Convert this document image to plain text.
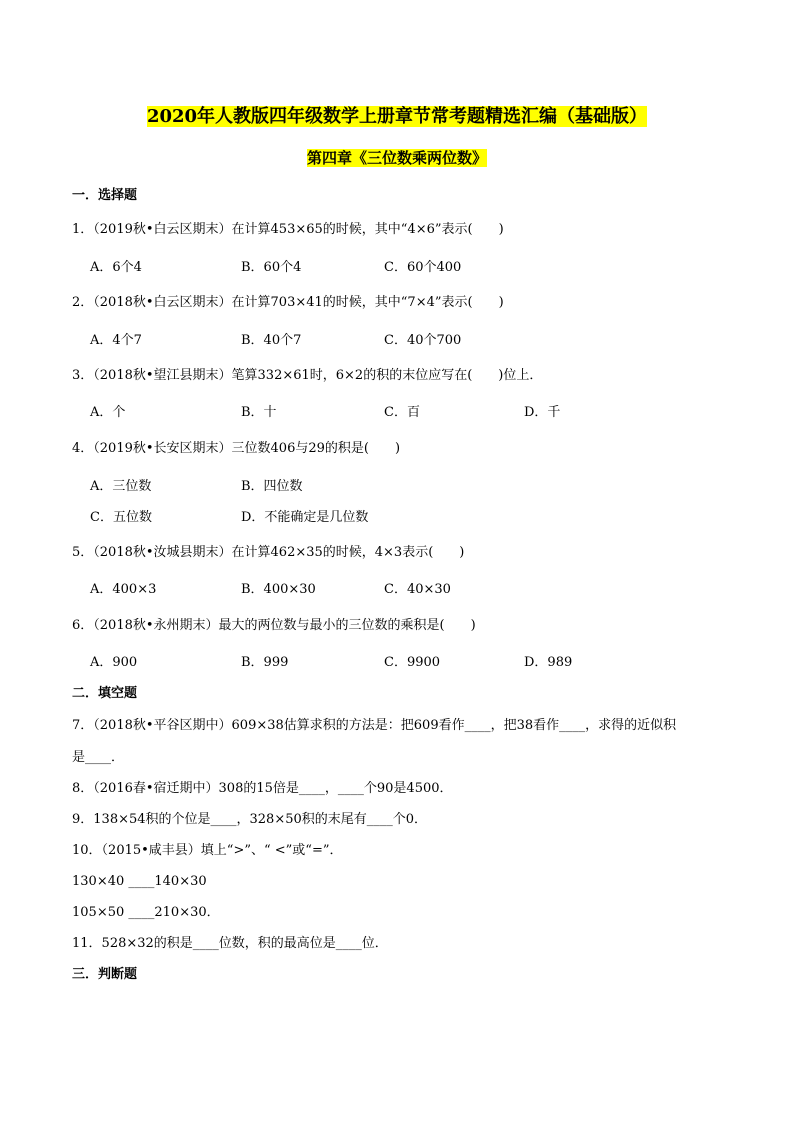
2020年人教版四年级数学上册章节常考题精选汇编（基础版）
第四章《三位数乘两位数》
一．选择题
1．（2019秋•白云区期末）在计算453×65的时候，其中“4×6”表示(　　)
A．6个4	B．60个4	C．60个400
2．（2018秋•白云区期末）在计算703×41的时候，其中“7×4”表示(　　)
A．4个7	B．40个7	C．40个700
3．（2018秋•望江县期末）笔算332×61时，6×2的积的末位应写在(　　)位上．
A．个	B．十	C．百	D．千
4．（2019秋•长安区期末）三位数406与29的积是(　　)
A．三位数	B．四位数
C．五位数	D．不能确定是几位数
5．（2018秋•汝城县期末）在计算462×35的时候，4×3表示(　　)
A．400×3	B．400×30	C．40×30
6．（2018秋•永州期末）最大的两位数与最小的三位数的乘积是(　　)
A．900	B．999	C．9900	D．989
二．填空题
7．（2018秋•平谷区期中）609×38估算求积的方法是：把609看作____，把38看作____，求得的近似积
是____．
8．（2016春•宿迁期中）308的15倍是____，____个90是4500．
9．138×54积的个位是____，328×50积的末尾有____个0．
10．（2015•咸丰县）填上“>”、“ <”或“=”．
130×40 ____140×30
105×50 ____210×30．
11．528×32的积是____位数，积的最高位是____位．
三．判断题
